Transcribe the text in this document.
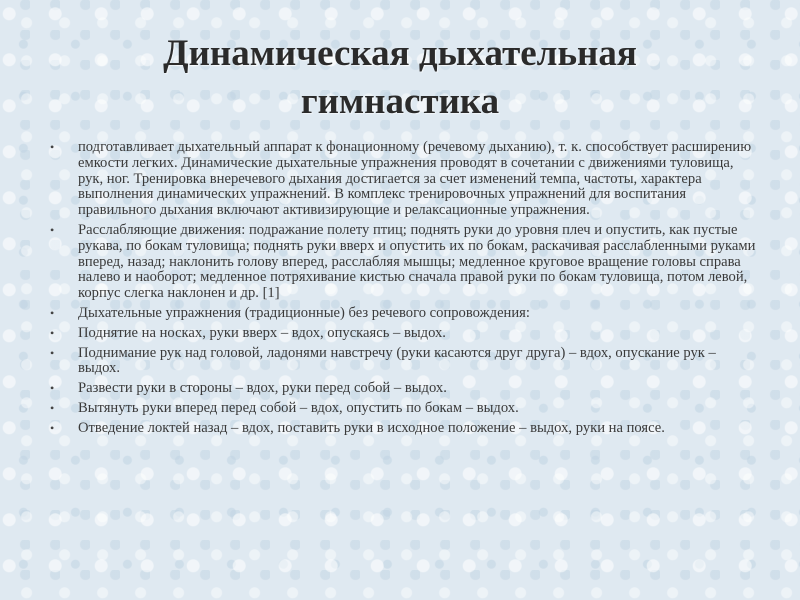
Динамическая дыхательная
гимнастика
• подготавливает дыхательный аппарат к фонационному (речевому дыханию), т. к. способствует расширению емкости легких. Динамические дыхательные упражнения проводят в сочетании с движениями туловища, рук, ног. Тренировка внеречевого дыхания достигается за счет изменений темпа, частоты, характера выполнения динамических упражнений. В комплекс тренировочных упражнений для воспитания правильного дыхания включают активизирующие и релаксационные упражнения.
• Расслабляющие движения: подражание полету птиц; поднять руки до уровня плеч и опустить, как пустые рукава, по бокам туловища; поднять руки вверх и опустить их по бокам, раскачивая расслабленными руками вперед, назад; наклонить голову вперед, расслабляя мышцы; медленное круговое вращение головы справа налево и наоборот; медленное потряхивание кистью сначала правой руки по бокам туловища, потом левой, корпус слегка наклонен и др. [1]
• Дыхательные упражнения (традиционные) без речевого сопровождения:
• Поднятие на носках, руки вверх – вдох, опускаясь – выдох.
• Поднимание рук над головой, ладонями навстречу (руки касаются друг друга) – вдох, опускание рук – выдох.
• Развести руки в стороны – вдох, руки перед собой – выдох.
• Вытянуть руки вперед перед собой – вдох, опустить по бокам – выдох.
• Отведение локтей назад – вдох, поставить руки в исходное положение – выдох, руки на поясе.
